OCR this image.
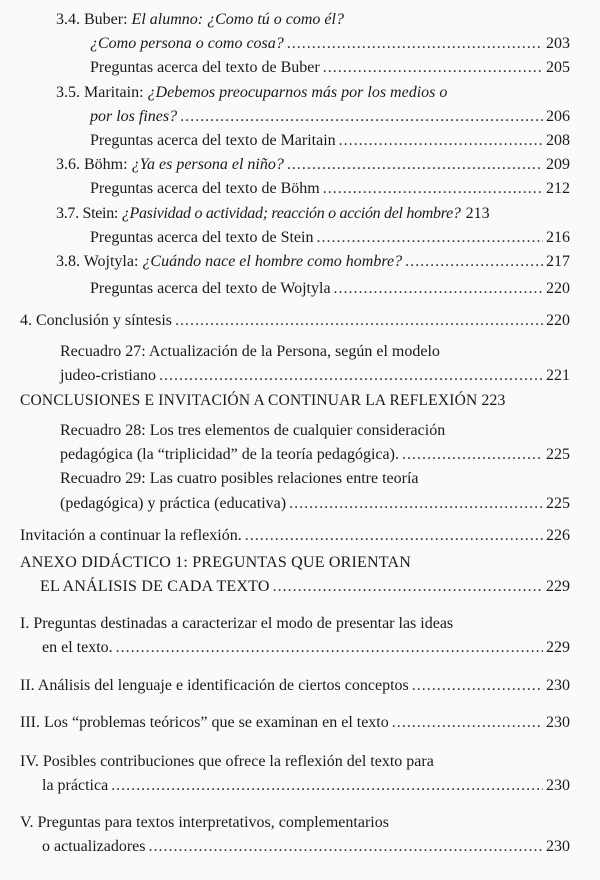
3.4. Buber: El alumno: ¿Como tú o como él?
¿Como persona o como cosa? .....	203
Preguntas acerca del texto de Buber .....	205
3.5. Maritain: ¿Debemos preocuparnos más por los medios o
por los fines? .....	206
Preguntas acerca del texto de Maritain .....	208
3.6. Böhm: ¿Ya es persona el niño? .....	209
Preguntas acerca del texto de Böhm .....	212
3.7. Stein: ¿Pasividad o actividad; reacción o acción del hombre? 213
Preguntas acerca del texto de Stein .....	216
3.8. Wojtyla: ¿Cuándo nace el hombre como hombre? .....	217
Preguntas acerca del texto de Wojtyla .....	220
4. Conclusión y síntesis .....	220
Recuadro 27: Actualización de la Persona, según el modelo
judeo-cristiano .....	221
CONCLUSIONES E INVITACIÓN A CONTINUAR LA REFLEXIÓN 223
Recuadro 28: Los tres elementos de cualquier consideración
pedagógica (la “triplicidad” de la teoría pedagógica). .....	225
Recuadro 29: Las cuatro posibles relaciones entre teoría
(pedagógica) y práctica (educativa) .....	225
Invitación a continuar la reflexión. .....	226
ANEXO DIDÁCTICO 1: PREGUNTAS QUE ORIENTAN
EL ANÁLISIS DE CADA TEXTO .....	229
I. Preguntas destinadas a caracterizar el modo de presentar las ideas
en el texto. .....	229
II. Análisis del lenguaje e identificación de ciertos conceptos .....	230
III. Los “problemas teóricos” que se examinan en el texto .....	230
IV. Posibles contribuciones que ofrece la reflexión del texto para
la práctica .....	230
V. Preguntas para textos interpretativos, complementarios
o actualizadores .....	230
